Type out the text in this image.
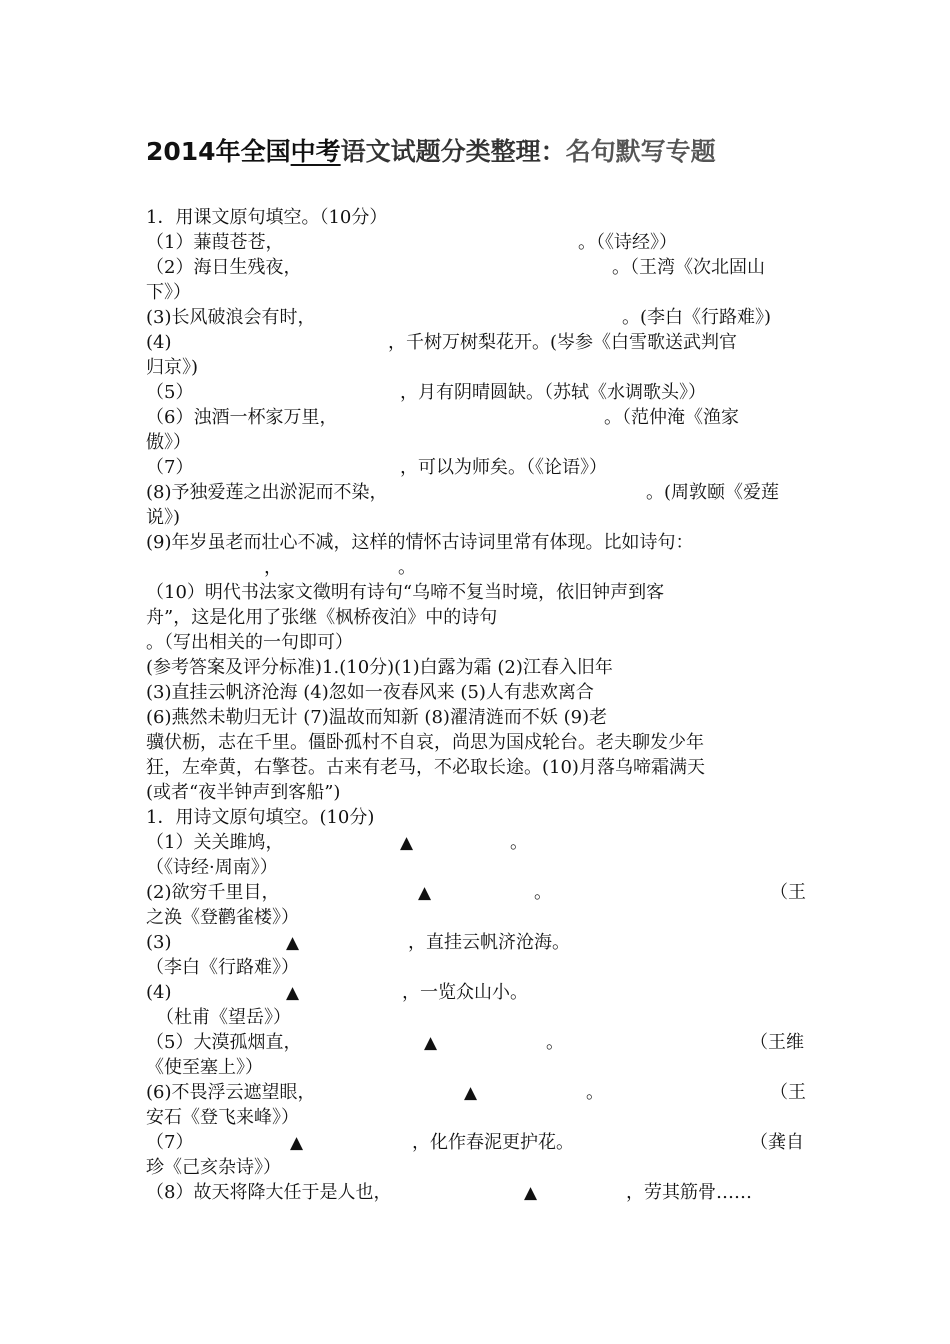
2014年全国中考语文试题分类整理：名句默写专题
1．用课文原句填空。（10分）
（1）蒹葭苍苍，	。（《诗经》）
（2）海日生残夜，	。（王湾《次北固山
下》）
(3)长风破浪会有时，	。(李白《行路难》)
(4)	，千树万树梨花开。(岑参《白雪歌送武判官
归京》)
（5）	，月有阴晴圆缺。（苏轼《水调歌头》）
（6）浊酒一杯家万里，	。（范仲淹《渔家
傲》）
（7）	，可以为师矣。（《论语》）
(8)予独爱莲之出淤泥而不染，	。(周敦颐《爱莲
说》)
(9)年岁虽老而壮心不减，这样的情怀古诗词里常有体现。比如诗句：
，	。
（10）明代书法家文徵明有诗句“乌啼不复当时境，依旧钟声到客
舟”，这是化用了张继《枫桥夜泊》中的诗句
。（写出相关的一句即可）
(参考答案及评分标准)1.(10分)(1)白露为霜 (2)江春入旧年
(3)直挂云帆济沧海 (4)忽如一夜春风来 (5)人有悲欢离合
(6)燕然未勒归无计 (7)温故而知新 (8)濯清涟而不妖 (9)老
骥伏枥，志在千里。僵卧孤村不自哀，尚思为国戍轮台。老夫聊发少年
狂，左牵黄，右擎苍。古来有老马，不必取长途。(10)月落乌啼霜满天
(或者“夜半钟声到客船”)
1．用诗文原句填空。(10分)
（1）关关雎鸠，	▲	。
（《诗经·周南》）
(2)欲穷千里目，	▲	。	（王
之涣《登鹳雀楼》）
(3)	▲	，直挂云帆济沧海。
（李白《行路难》）
(4)	▲	，一览众山小。
（杜甫《望岳》）
（5）大漠孤烟直，	▲	。	（王维
《使至塞上》）
(6)不畏浮云遮望眼，	▲	。	（王
安石《登飞来峰》）
（7）	▲	，化作春泥更护花。	（龚自
珍《己亥杂诗》）
（8）故天将降大任于是人也，	▲	，劳其筋骨……
